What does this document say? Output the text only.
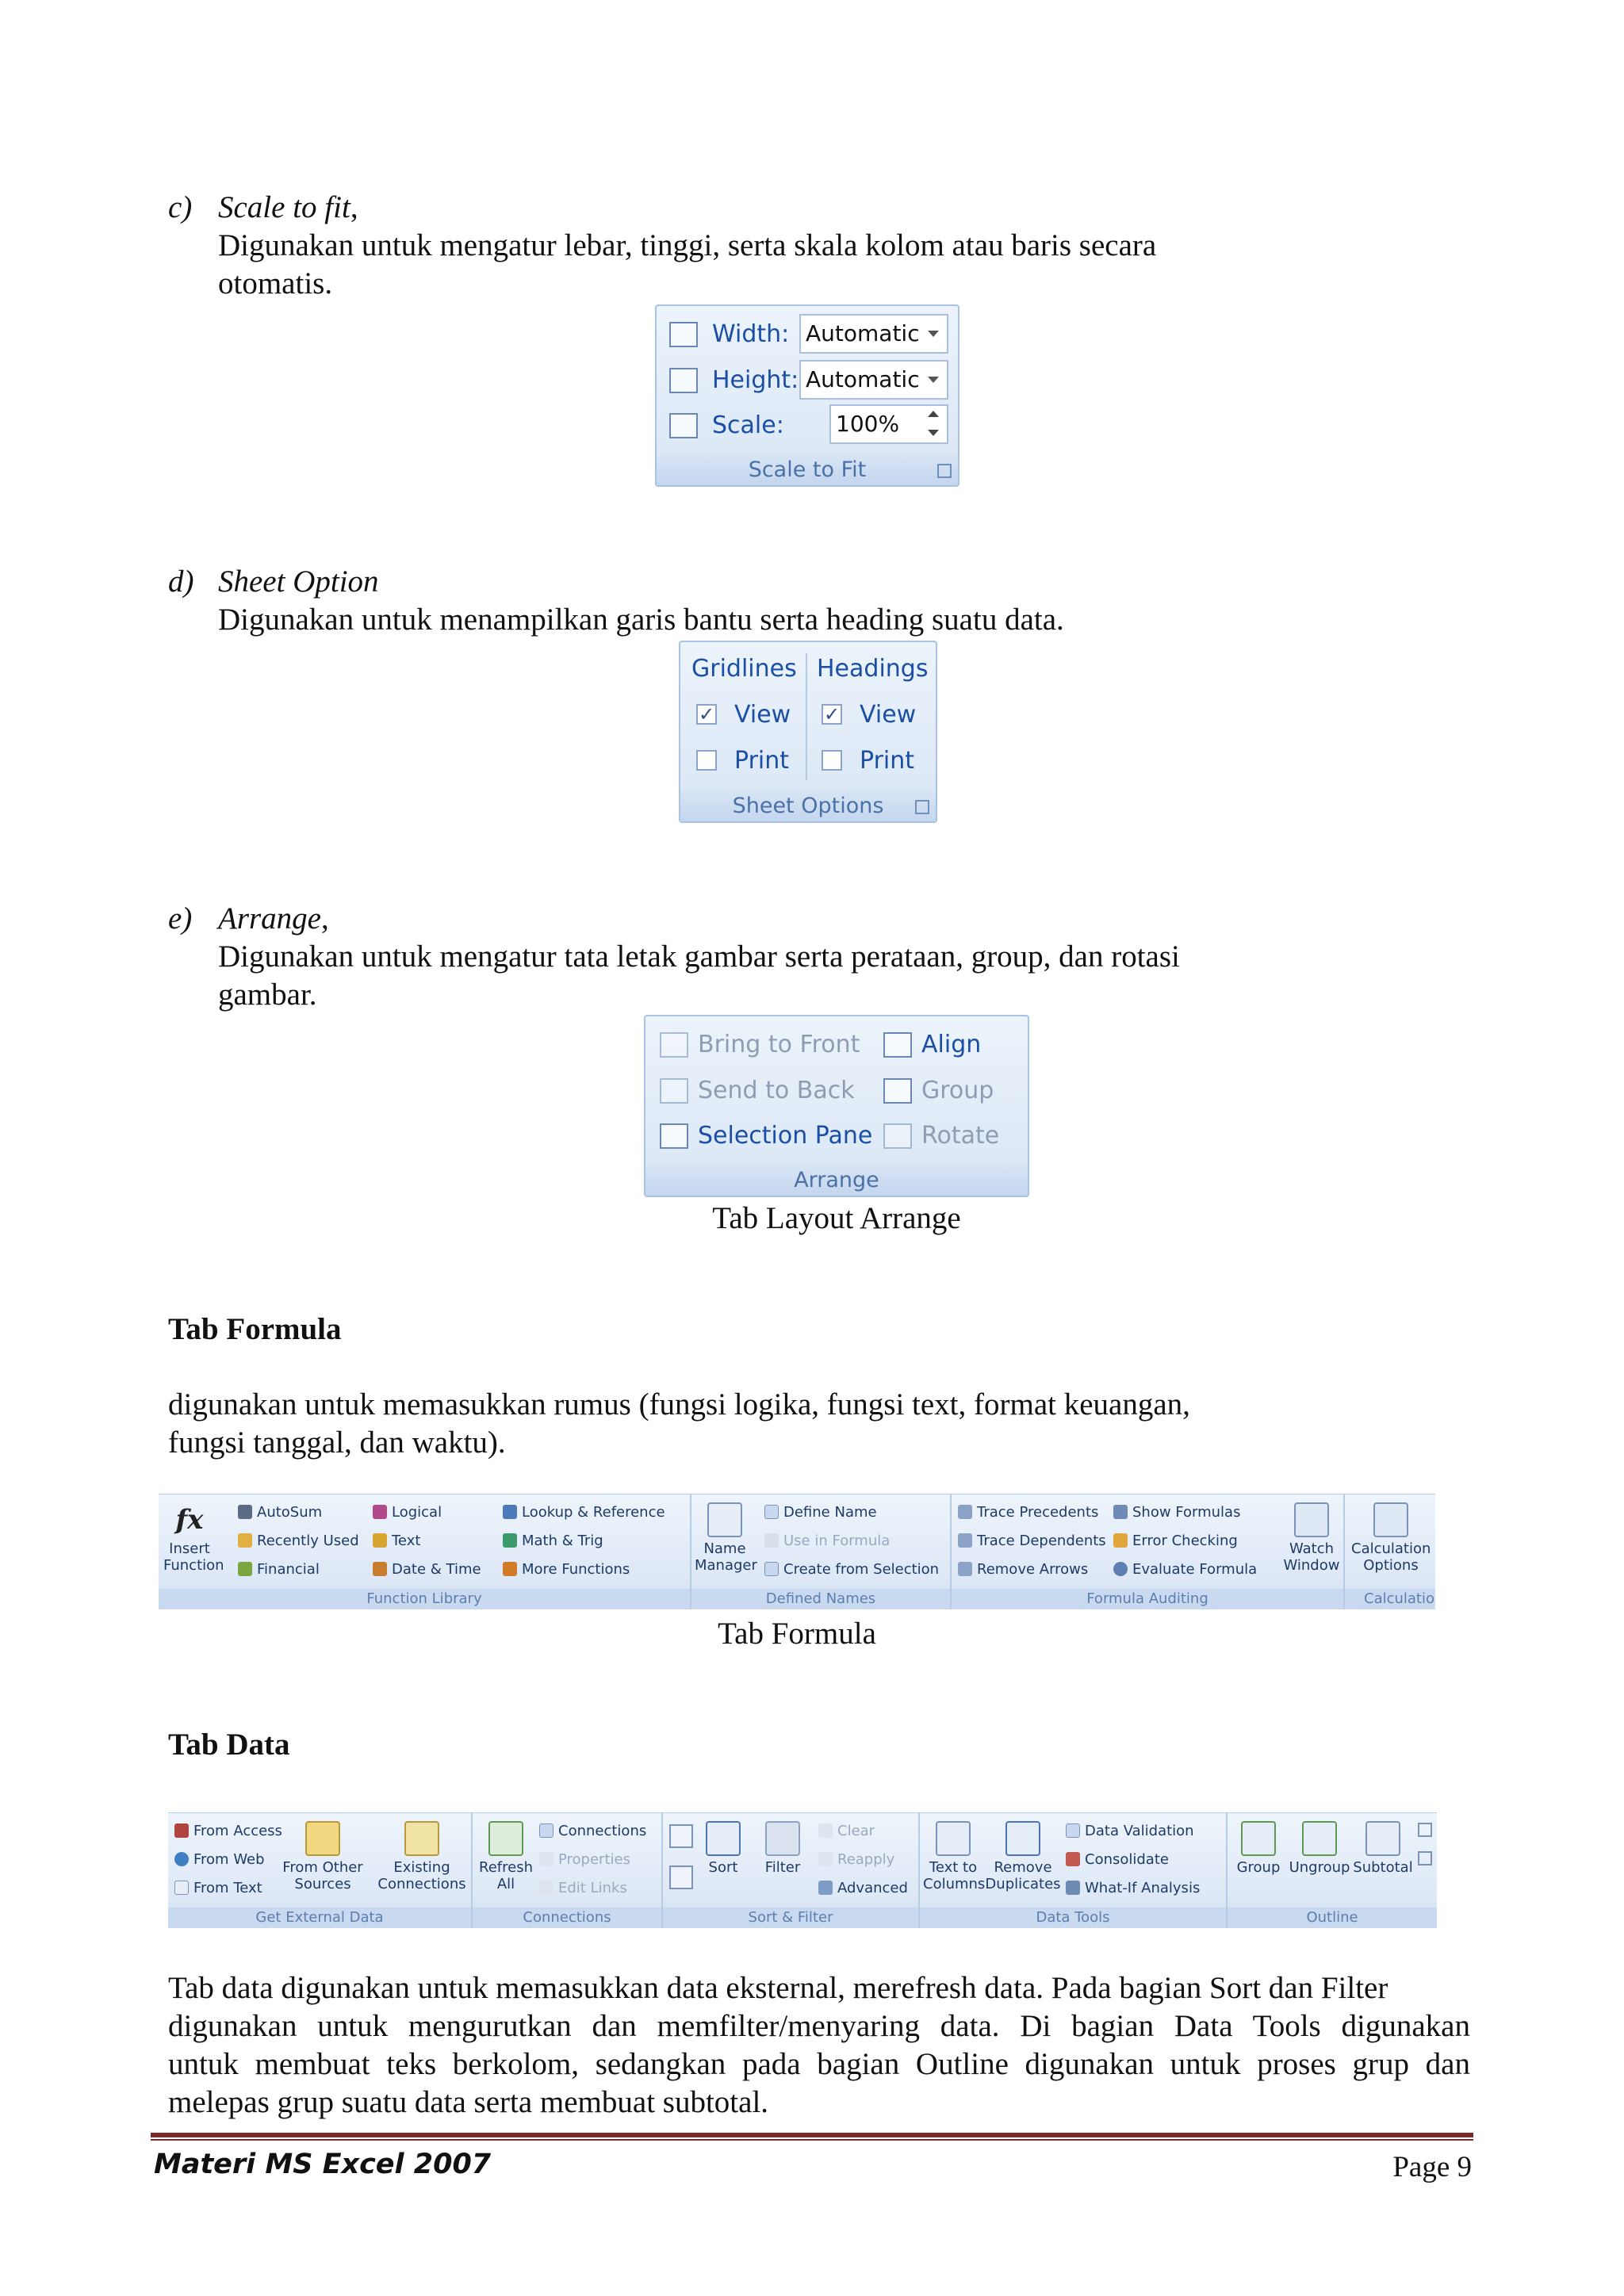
c) Scale to fit,
Digunakan untuk mengatur lebar, tinggi, serta skala kolom atau baris secara
otomatis.
Width: Automatic
Height: Automatic
Scale: 100%
Scale to Fit
d) Sheet Option
Digunakan untuk menampilkan garis bantu serta heading suatu data.
Gridlines Headings
✓ View
Print
✓ View
Print
Sheet Options
e) Arrange,
Digunakan untuk mengatur tata letak gambar serta perataan, group, dan rotasi
gambar.
Bring to Front
Send to Back
Selection Pane
Align
Group
Rotate
Arrange
Tab Layout Arrange
Tab Formula
digunakan untuk memasukkan rumus (fungsi logika, fungsi text, format keuangan,
fungsi tanggal, dan waktu).
fx
Insert
Function
AutoSum
Recently Used
Financial
Logical
Text
Date & Time
Lookup & Reference
Math & Trig
More Functions
Function Library
Name
Manager
Define Name
Use in Formula
Create from Selection
Defined Names
Trace Precedents
Trace Dependents
Remove Arrows
Show Formulas
Error Checking
Evaluate Formula
Watch
Window
Formula Auditing
Calculation
Options
Calculatio
Tab Formula
Tab Data
From Access
From Web
From Text
From Other
Sources
Existing
Connections
Get External Data
Refresh
All
Connections
Properties
Edit Links
Connections
Sort	Filter
Clear
Reapply
Advanced
Sort & Filter
Text to
Columns
Remove
Duplicates
Data Validation
Consolidate
What-If Analysis
Data Tools
Group Ungroup Subtotal
Outline
Tab data digunakan untuk memasukkan data eksternal, merefresh data. Pada bagian Sort dan Filter
digunakan untuk mengurutkan dan memfilter/menyaring data. Di bagian Data Tools digunakan
untuk membuat teks berkolom, sedangkan pada bagian Outline digunakan untuk proses grup dan
melepas grup suatu data serta membuat subtotal.
Materi MS Excel 2007	Page 9
